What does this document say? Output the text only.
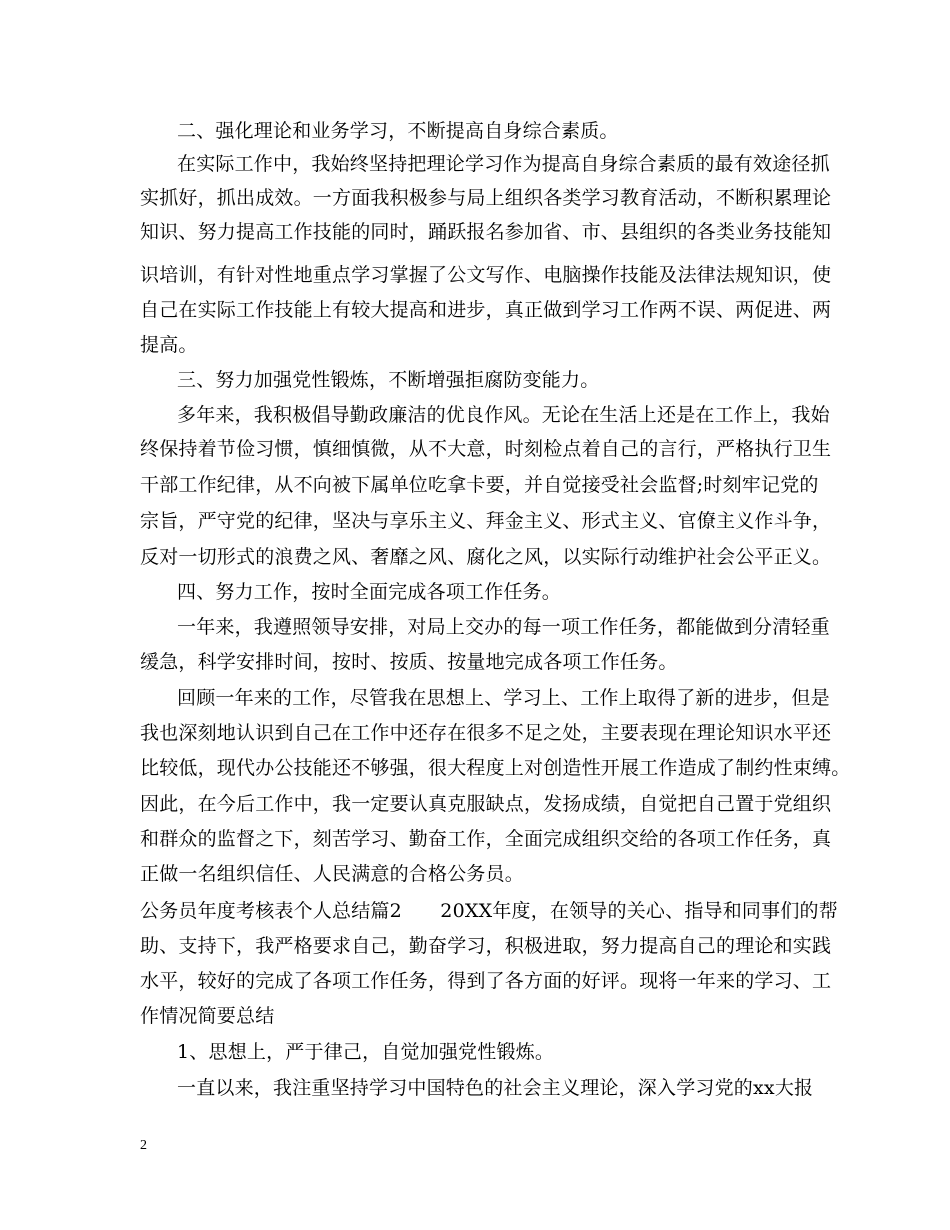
二、强化理论和业务学习，不断提高自身综合素质。
在实际工作中，我始终坚持把理论学习作为提高自身综合素质的最有效途径抓
实抓好，抓出成效。一方面我积极参与局上组织各类学习教育活动，不断积累理论
知识、努力提高工作技能的同时，踊跃报名参加省、市、县组织的各类业务技能知
识培训，有针对性地重点学习掌握了公文写作、电脑操作技能及法律法规知识，使
自己在实际工作技能上有较大提高和进步，真正做到学习工作两不误、两促进、两
提高。
三、努力加强党性锻炼，不断增强拒腐防变能力。
多年来，我积极倡导勤政廉洁的优良作风。无论在生活上还是在工作上，我始
终保持着节俭习惯，慎细慎微，从不大意，时刻检点着自己的言行，严格执行卫生
干部工作纪律，从不向被下属单位吃拿卡要，并自觉接受社会监督;时刻牢记党的
宗旨，严守党的纪律，坚决与享乐主义、拜金主义、形式主义、官僚主义作斗争，
反对一切形式的浪费之风、奢靡之风、腐化之风，以实际行动维护社会公平正义。
四、努力工作，按时全面完成各项工作任务。
一年来，我遵照领导安排，对局上交办的每一项工作任务，都能做到分清轻重
缓急，科学安排时间，按时、按质、按量地完成各项工作任务。
回顾一年来的工作，尽管我在思想上、学习上、工作上取得了新的进步，但是
我也深刻地认识到自己在工作中还存在很多不足之处，主要表现在理论知识水平还
比较低，现代办公技能还不够强，很大程度上对创造性开展工作造成了制约性束缚。
因此，在今后工作中，我一定要认真克服缺点，发扬成绩，自觉把自己置于党组织
和群众的监督之下，刻苦学习、勤奋工作，全面完成组织交给的各项工作任务，真
正做一名组织信任、人民满意的合格公务员。
公务员年度考核表个人总结篇2　　20XX年度，在领导的关心、指导和同事们的帮
助、支持下，我严格要求自己，勤奋学习，积极进取，努力提高自己的理论和实践
水平，较好的完成了各项工作任务，得到了各方面的好评。现将一年来的学习、工
作情况简要总结
1、思想上，严于律己，自觉加强党性锻炼。
一直以来，我注重坚持学习中国特色的社会主义理论，深入学习党的xx大报
2
